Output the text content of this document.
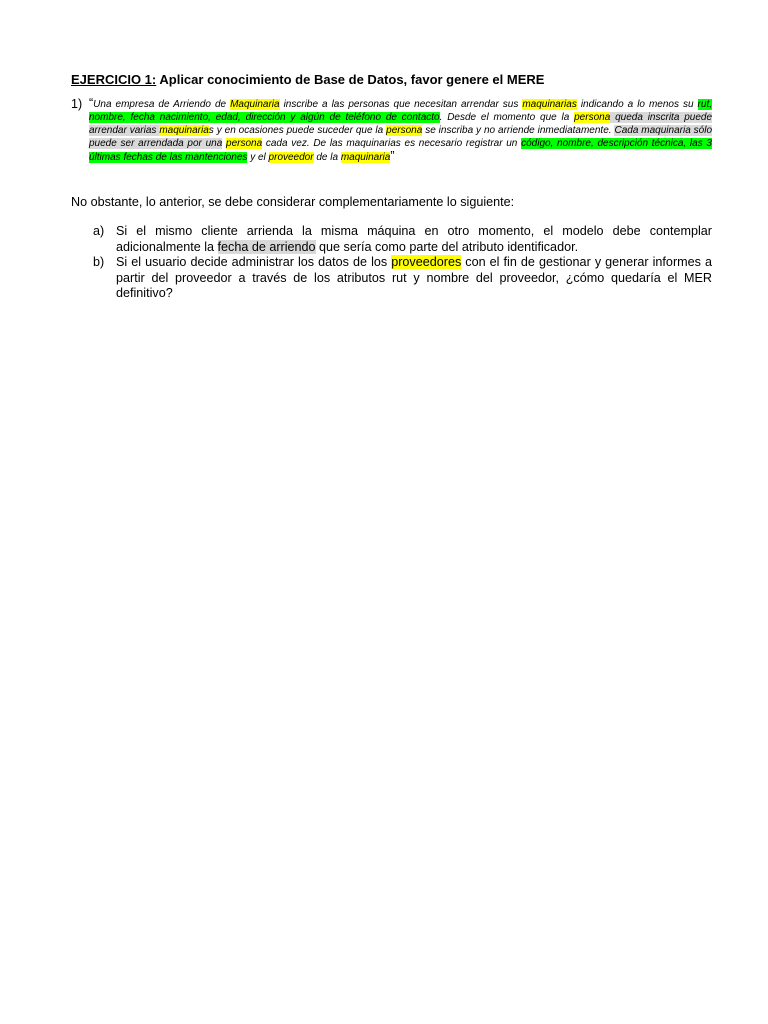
EJERCICIO 1: Aplicar conocimiento de Base de Datos, favor genere el MERE
1) “Una empresa de Arriendo de Maquinaria inscribe a las personas que necesitan arrendar sus maquinarias indicando a lo menos su rut, nombre, fecha nacimiento, edad, dirección y algún de teléfono de contacto. Desde el momento que la persona queda inscrita puede arrendar varias maquinarias y en ocasiones puede suceder que la persona se inscriba y no arriende inmediatamente. Cada maquinaria sólo puede ser arrendada por una persona cada vez. De las maquinarias es necesario registrar un código, nombre, descripción técnica, las 3 últimas fechas de las mantenciones y el proveedor de la maquinaria”
No obstante, lo anterior, se debe considerar complementariamente lo siguiente:
a) Si el mismo cliente arrienda la misma máquina en otro momento, el modelo debe contemplar adicionalmente la fecha de arriendo que sería como parte del atributo identificador.
b) Si el usuario decide administrar los datos de los proveedores con el fin de gestionar y generar informes a partir del proveedor a través de los atributos rut y nombre del proveedor, ¿cómo quedaría el MER definitivo?
